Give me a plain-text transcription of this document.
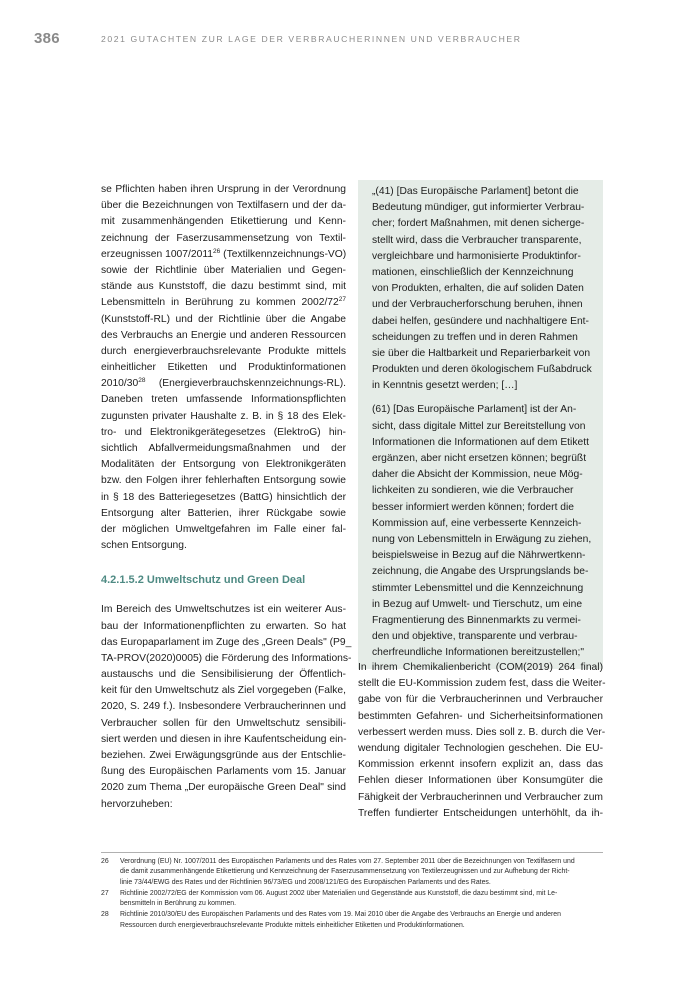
386	2021 GUTACHTEN ZUR LAGE DER VERBRAUCHERINNEN UND VERBRAUCHER

se Pflichten haben ihren Ursprung in der Verordnung
über die Bezeichnungen von Textilfasern und der da-
mit zusammenhängenden Etikettierung und Kenn-
zeichnung der Faserzusammensetzung von Textil-
erzeugnissen 1007/2011$^{26}$ (Textilkennzeichnungs-VO)
sowie der Richtlinie über Materialien und Gegen-
stände aus Kunststoff, die dazu bestimmt sind, mit
Lebensmitteln in Berührung zu kommen $2002/72^{27}$
(Kunststoff-RL) und der Richtlinie über die Angabe
des Verbrauchs an Energie und anderen Ressourcen
durch energieverbrauchsrelevante Produkte mittels
einheitlicher Etiketten und Produktinformationen
$2010/30^{28}$ (Energieverbrauchskennzeichnungs-RL).
Daneben treten umfassende Informationspflichten
zugunsten privater Haushalte z. B. in § 18 des Elek-
tro- und Elektronikgerätegesetzes (ElektroG) hin-
sichtlich Abfallvermeidungsmaßnahmen und der
Modalitäten der Entsorgung von Elektronikgeräten
bzw. den Folgen ihrer fehlerhaften Entsorgung sowie
in § 18 des Batteriegesetzes (BattG) hinsichtlich der
Entsorgung alter Batterien, ihrer Rückgabe sowie
der möglichen Umweltgefahren im Falle einer fal-
schen Entsorgung.

4.2.1.5.2 Umweltschutz und Green Deal

Im Bereich des Umweltschutzes ist ein weiterer Aus-
bau der Informationenpflichten zu erwarten. So hat
das Europaparlament im Zuge des „Green Deals" (P9_
TA-PROV(2020)0005) die Förderung des Informations-
austauschs und die Sensibilisierung der Öffentlich-
keit für den Umweltschutz als Ziel vorgegeben (Falke,
2020, S. 249 f.). Insbesondere Verbraucherinnen und
Verbraucher sollen für den Umweltschutz sensibili-
siert werden und diesen in ihre Kaufentscheidung ein-
beziehen. Zwei Erwägungsgründe aus der Entschlie-
ßung des Europäischen Parlaments vom 15. Januar
2020 zum Thema „Der europäische Green Deal" sind
hervorzuheben:

„(41) [Das Europäische Parlament] betont die
Bedeutung mündiger, gut informierter Verbrau-
cher; fordert Maßnahmen, mit denen sicherge-
stellt wird, dass die Verbraucher transparente,
vergleichbare und harmonisierte Produktinfor-
mationen, einschließlich der Kennzeichnung
von Produkten, erhalten, die auf soliden Daten
und der Verbraucherforschung beruhen, ihnen
dabei helfen, gesündere und nachhaltigere Ent-
scheidungen zu treffen und in deren Rahmen
sie über die Haltbarkeit und Reparierbarkeit von
Produkten und deren ökologischem Fußabdruck
in Kenntnis gesetzt werden; […]

(61) [Das Europäische Parlament] ist der An-
sicht, dass digitale Mittel zur Bereitstellung von
Informationen die Informationen auf dem Etikett
ergänzen, aber nicht ersetzen können; begrüßt
daher die Absicht der Kommission, neue Mög-
lichkeiten zu sondieren, wie die Verbraucher
besser informiert werden können; fordert die
Kommission auf, eine verbesserte Kennzeich-
nung von Lebensmitteln in Erwägung zu ziehen,
beispielsweise in Bezug auf die Nährwertkenn-
zeichnung, die Angabe des Ursprungslands be-
stimmter Lebensmittel und die Kennzeichnung
in Bezug auf Umwelt- und Tierschutz, um eine
Fragmentierung des Binnenmarkts zu vermei-
den und objektive, transparente und verbrau-
cherfreundliche Informationen bereitzustellen;"

In ihrem Chemikalienbericht (COM(2019) 264 final)
stellt die EU-Kommission zudem fest, dass die Weiter-
gabe von für die Verbraucherinnen und Verbraucher
bestimmten Gefahren- und Sicherheitsinformationen
verbessert werden muss. Dies soll z. B. durch die Ver-
wendung digitaler Technologien geschehen. Die EU-
Kommission erkennt insofern explizit an, dass das
Fehlen dieser Informationen über Konsumgüter die
Fähigkeit der Verbraucherinnen und Verbraucher zum
Treffen fundierter Entscheidungen unterhöhlt, da ih-

26 Verordnung (EU) Nr. 1007/2011 des Europäischen Parlaments und des Rates vom 27. September 2011 über die Bezeichnungen von Textilfasern und
die damit zusammenhängende Etikettierung und Kennzeichnung der Faserzusammensetzung von Textilerzeugnissen und zur Aufhebung der Richt-
linie 73/44/EWG des Rates und der Richtlinien 96/73/EG und 2008/121/EG des Europäischen Parlaments und des Rates.
27 Richtlinie 2002/72/EG der Kommission vom 06. August 2002 über Materialien und Gegenstände aus Kunststoff, die dazu bestimmt sind, mit Le-
bensmitteln in Berührung zu kommen.
28 Richtlinie 2010/30/EU des Europäischen Parlaments und des Rates vom 19. Mai 2010 über die Angabe des Verbrauchs an Energie und anderen
Ressourcen durch energieverbrauchsrelevante Produkte mittels einheitlicher Etiketten und Produktinformationen.
